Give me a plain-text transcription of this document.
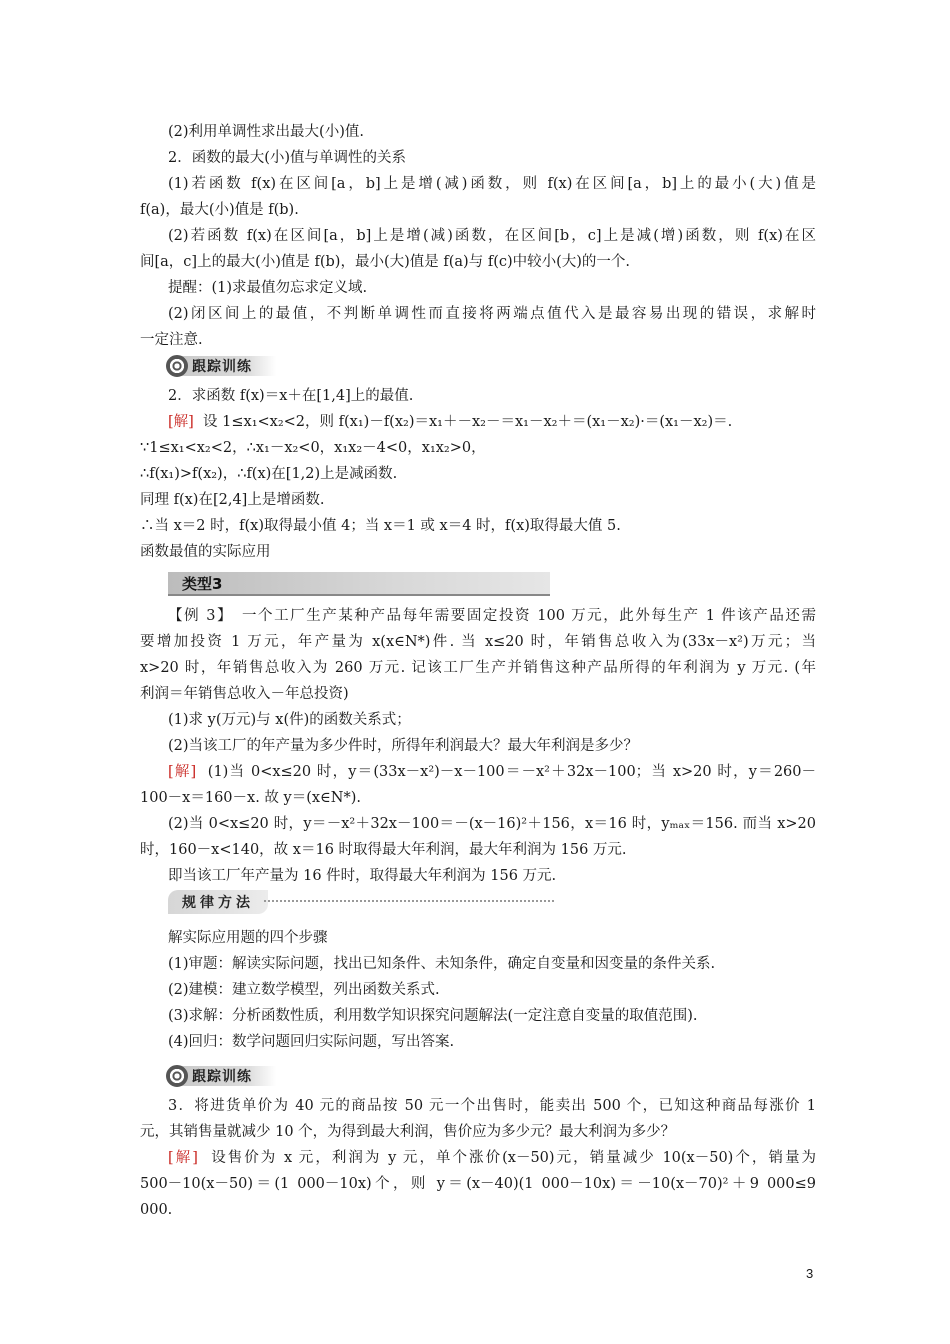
(2)利用单调性求出最大(小)值.
2．函数的最大(小)值与单调性的关系
(1)若函数 f(x)在区间[a，b]上是增(减)函数，则 f(x)在区间[a，b]上的最小(大)值是
f(a)，最大(小)值是 f(b).
(2)若函数 f(x)在区间[a，b]上是增(减)函数，在区间[b，c]上是减(增)函数，则 f(x)在区
间[a，c]上的最大(小)值是 f(b)，最小(大)值是 f(a)与 f(c)中较小(大)的一个.
提醒：(1)求最值勿忘求定义域.
(2)闭区间上的最值，不判断单调性而直接将两端点值代入是最容易出现的错误，求解时
一定注意.
跟踪训练
2．求函数 f(x)＝x＋在[1,4]上的最值.
[解] 设 1≤x₁<x₂<2，则 f(x₁)－f(x₂)＝x₁＋－x₂－＝x₁－x₂＋＝(x₁－x₂)·＝(x₁－x₂)＝.
∵1≤x₁<x₂<2，∴x₁－x₂<0，x₁x₂－4<0，x₁x₂>0，
∴f(x₁)>f(x₂)，∴f(x)在[1,2)上是减函数.
同理 f(x)在[2,4]上是增函数.
∴当 x＝2 时，f(x)取得最小值 4；当 x＝1 或 x＝4 时，f(x)取得最大值 5.
函数最值的实际应用
类型3
【例 3】　一个工厂生产某种产品每年需要固定投资 100 万元，此外每生产 1 件该产品还需
要增加投资 1 万元，年产量为 x(x∈N*)件. 当 x≤20 时，年销售总收入为(33x－x²)万元；当
x>20 时，年销售总收入为 260 万元. 记该工厂生产并销售这种产品所得的年利润为 y 万元. (年
利润＝年销售总收入－年总投资)
(1)求 y(万元)与 x(件)的函数关系式；
(2)当该工厂的年产量为多少件时，所得年利润最大？最大年利润是多少？
[解] (1)当 0<x≤20 时，y＝(33x－x²)－x－100＝－x²＋32x－100；当 x>20 时，y＝260－
100－x＝160－x. 故 y＝(x∈N*).
(2)当 0<x≤20 时，y＝－x²＋32x－100＝－(x－16)²＋156，x＝16 时，yₘₐₓ＝156. 而当 x>20
时，160－x<140，故 x＝16 时取得最大年利润，最大年利润为 156 万元.
即当该工厂年产量为 16 件时，取得最大年利润为 156 万元.
规律方法
解实际应用题的四个步骤
(1)审题：解读实际问题，找出已知条件、未知条件，确定自变量和因变量的条件关系.
(2)建模：建立数学模型，列出函数关系式.
(3)求解：分析函数性质，利用数学知识探究问题解法(一定注意自变量的取值范围).
(4)回归：数学问题回归实际问题，写出答案.
跟踪训练
3．将进货单价为 40 元的商品按 50 元一个出售时，能卖出 500 个，已知这种商品每涨价 1
元，其销售量就减少 10 个，为得到最大利润，售价应为多少元？最大利润为多少？
[解] 设售价为 x 元，利润为 y 元，单个涨价(x－50)元，销量减少 10(x－50)个，销量为
500－10(x－50)＝(1 000－10x)个，则 y＝(x－40)(1 000－10x)＝－10(x－70)²＋9 000≤9
000.
3
